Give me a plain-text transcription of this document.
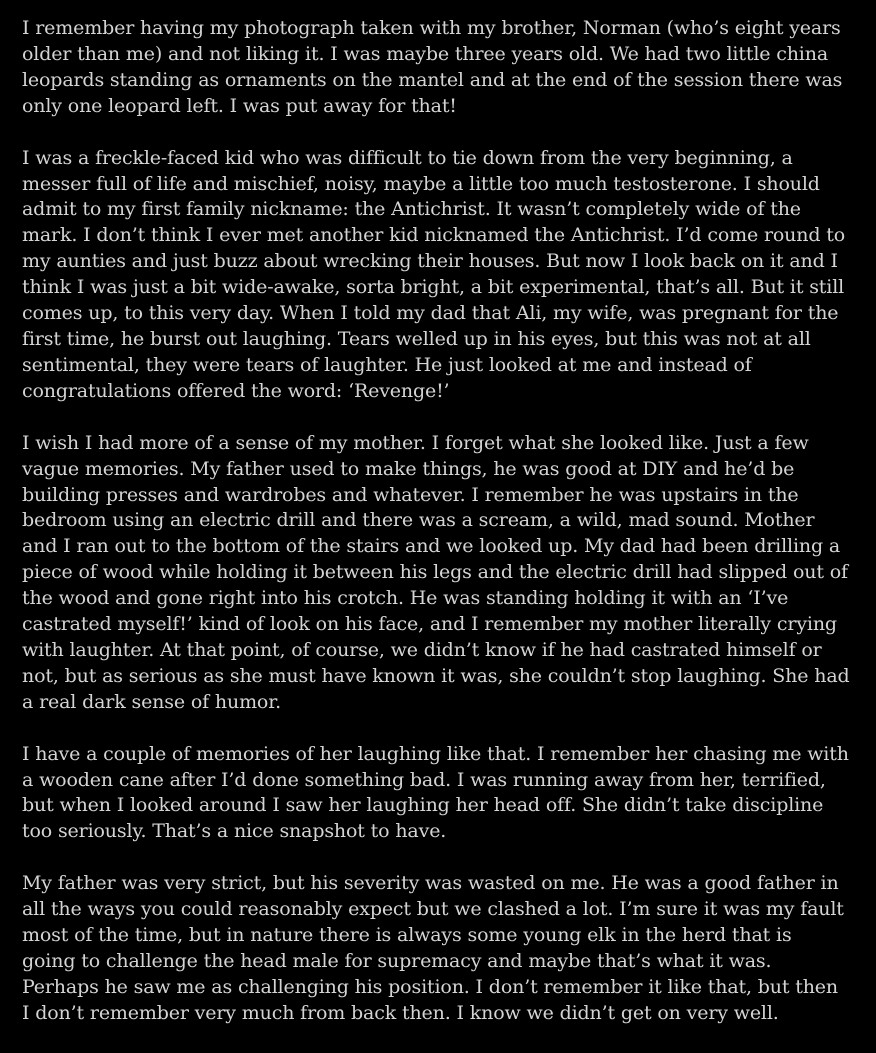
I remember having my photograph taken with my brother, Norman (who’s eight years older than me) and not liking it. I was maybe three years old. We had two little china leopards standing as ornaments on the mantel and at the end of the session there was only one leopard left. I was put away for that!

I was a freckle-faced kid who was difficult to tie down from the very beginning, a messer full of life and mischief, noisy, maybe a little too much testosterone. I should admit to my first family nickname: the Antichrist. It wasn’t completely wide of the mark. I don’t think I ever met another kid nicknamed the Antichrist. I’d come round to my aunties and just buzz about wrecking their houses. But now I look back on it and I think I was just a bit wide-awake, sorta bright, a bit experimental, that’s all. But it still comes up, to this very day. When I told my dad that Ali, my wife, was pregnant for the first time, he burst out laughing. Tears welled up in his eyes, but this was not at all sentimental, they were tears of laughter. He just looked at me and instead of congratulations offered the word: ‘Revenge!’

I wish I had more of a sense of my mother. I forget what she looked like. Just a few vague memories. My father used to make things, he was good at DIY and he’d be building presses and wardrobes and whatever. I remember he was upstairs in the bedroom using an electric drill and there was a scream, a wild, mad sound. Mother and I ran out to the bottom of the stairs and we looked up. My dad had been drilling a piece of wood while holding it between his legs and the electric drill had slipped out of the wood and gone right into his crotch. He was standing holding it with an ‘I’ve castrated myself!’ kind of look on his face, and I remember my mother literally crying with laughter. At that point, of course, we didn’t know if he had castrated himself or not, but as serious as she must have known it was, she couldn’t stop laughing. She had a real dark sense of humor.

I have a couple of memories of her laughing like that. I remember her chasing me with a wooden cane after I’d done something bad. I was running away from her, terrified, but when I looked around I saw her laughing her head off. She didn’t take discipline too seriously. That’s a nice snapshot to have.

My father was very strict, but his severity was wasted on me. He was a good father in all the ways you could reasonably expect but we clashed a lot. I’m sure it was my fault most of the time, but in nature there is always some young elk in the herd that is going to challenge the head male for supremacy and maybe that’s what it was. Perhaps he saw me as challenging his position. I don’t remember it like that, but then I don’t remember very much from back then. I know we didn’t get on very well.
